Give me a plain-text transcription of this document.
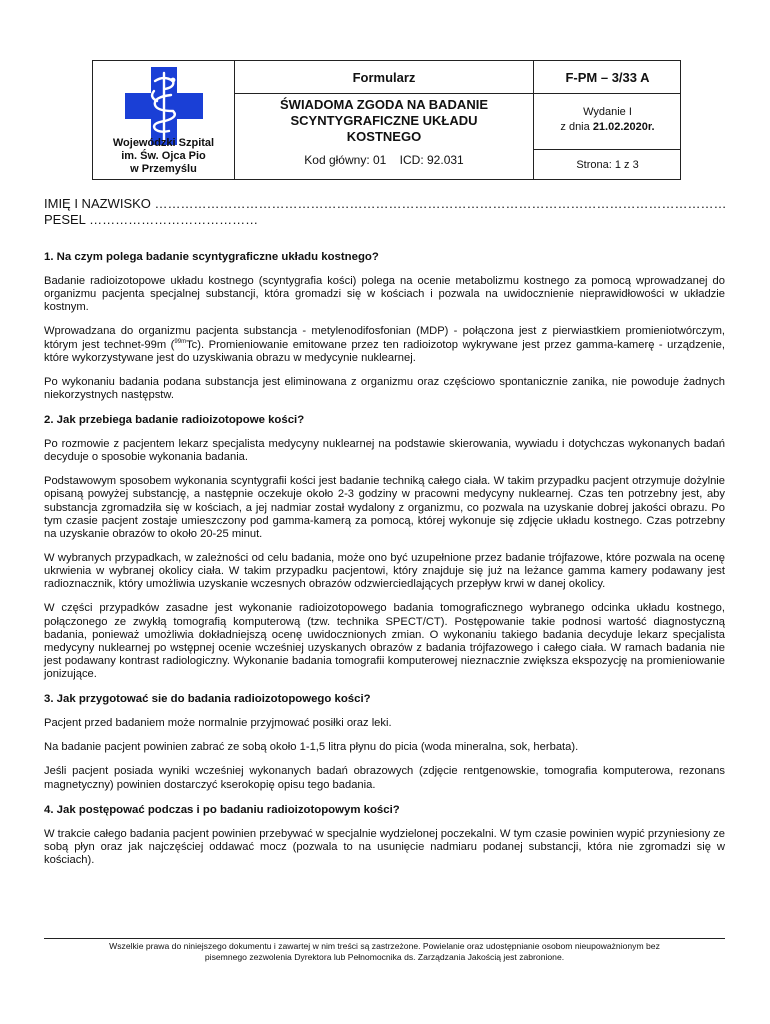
Wojewódzki Szpital
im. Św. Ojca Pio
w Przemyślu
Formularz	F-PM – 3/33 A
ŚWIADOMA ZGODA NA BADANIE
SCYNTYGRAFICZNE UKŁADU
KOSTNEGO
Kod główny: 01    ICD: 92.031
Wydanie I
z dnia 21.02.2020r.
Strona: 1 z 3
IMIĘ I NAZWISKO ……………………………………………………………………………………………………………………
PESEL …………………………………
1. Na czym polega badanie scyntygraficzne układu kostnego?

Badanie radioizotopowe układu kostnego (scyntygrafia kości) polega na ocenie metabolizmu kostnego za pomocą wprowadzanej do organizmu pacjenta specjalnej substancji, która gromadzi się w kościach i pozwala na uwidocznienie nieprawidłowości w układzie kostnym.

Wprowadzana do organizmu pacjenta substancja - metylenodifosfonian (MDP) - połączona jest z pierwiastkiem promieniotwórczym, którym jest technet-99m ($^{99m}$Tc). Promieniowanie emitowane przez ten radioizotop wykrywane jest przez gamma-kamerę - urządzenie, które wykorzystywane jest do uzyskiwania obrazu w medycynie nuklearnej.

Po wykonaniu badania podana substancja jest eliminowana z organizmu oraz częściowo spontanicznie zanika, nie powoduje żadnych niekorzystnych następstw.

2. Jak przebiega badanie radioizotopowe kości?

Po rozmowie z pacjentem lekarz specjalista medycyny nuklearnej na podstawie skierowania, wywiadu i dotychczas wykonanych badań decyduje o sposobie wykonania badania.

Podstawowym sposobem wykonania scyntygrafii kości jest badanie techniką całego ciała. W takim przypadku pacjent otrzymuje dożylnie opisaną powyżej substancję, a następnie oczekuje około 2-3 godziny w pracowni medycyny nuklearnej. Czas ten potrzebny jest, aby substancja zgromadziła się w kościach, a jej nadmiar został wydalony z organizmu, co pozwala na uzyskanie dobrej jakości obrazu. Po tym czasie pacjent zostaje umieszczony pod gamma-kamerą za pomocą, której wykonuje się zdjęcie układu kostnego. Czas potrzebny na uzyskanie obrazów to około 20-25 minut.

W wybranych przypadkach, w zależności od celu badania, może ono być uzupełnione przez badanie trójfazowe, które pozwala na ocenę ukrwienia w wybranej okolicy ciała. W takim przypadku pacjentowi, który znajduje się już na leżance gamma kamery podawany jest radioznacznik, który umożliwia uzyskanie wczesnych obrazów odzwierciedlających przepływ krwi w danej okolicy.

W części przypadków zasadne jest wykonanie radioizotopowego badania tomograficznego wybranego odcinka układu kostnego, połączonego ze zwykłą tomografią komputerową (tzw. technika SPECT/CT). Postępowanie takie podnosi wartość diagnostyczną badania, ponieważ umożliwia dokładniejszą ocenę uwidocznionych zmian. O wykonaniu takiego badania decyduje lekarz specjalista medycyny nuklearnej po wstępnej ocenie wcześniej uzyskanych obrazów z badania trójfazowego i całego ciała. W ramach badania nie jest podawany kontrast radiologiczny. Wykonanie badania tomografii komputerowej nieznacznie zwiększa ekspozycję na promieniowanie jonizujące.

3. Jak przygotować sie do badania radioizotopowego kości?

Pacjent przed badaniem może normalnie przyjmować posiłki oraz leki.

Na badanie pacjent powinien zabrać ze sobą około 1-1,5 litra płynu do picia (woda mineralna, sok, herbata).

Jeśli pacjent posiada wyniki wcześniej wykonanych badań obrazowych (zdjęcie rentgenowskie, tomografia komputerowa, rezonans magnetyczny) powinien dostarczyć kserokopię opisu tego badania.

4. Jak postępować podczas i po badaniu radioizotopowym kości?

W trakcie całego badania pacjent powinien przebywać w specjalnie wydzielonej poczekalni. W tym czasie powinien wypić przyniesiony ze sobą płyn oraz jak najczęściej oddawać mocz (pozwala to na usunięcie nadmiaru podanej substancji, która nie zgromadzi się w kościach).

Wszelkie prawa do niniejszego dokumentu i zawartej w nim treści są zastrzeżone. Powielanie oraz udostępnianie osobom nieupoważnionym bez
pisemnego zezwolenia Dyrektora lub Pełnomocnika ds. Zarządzania Jakością jest zabronione.
